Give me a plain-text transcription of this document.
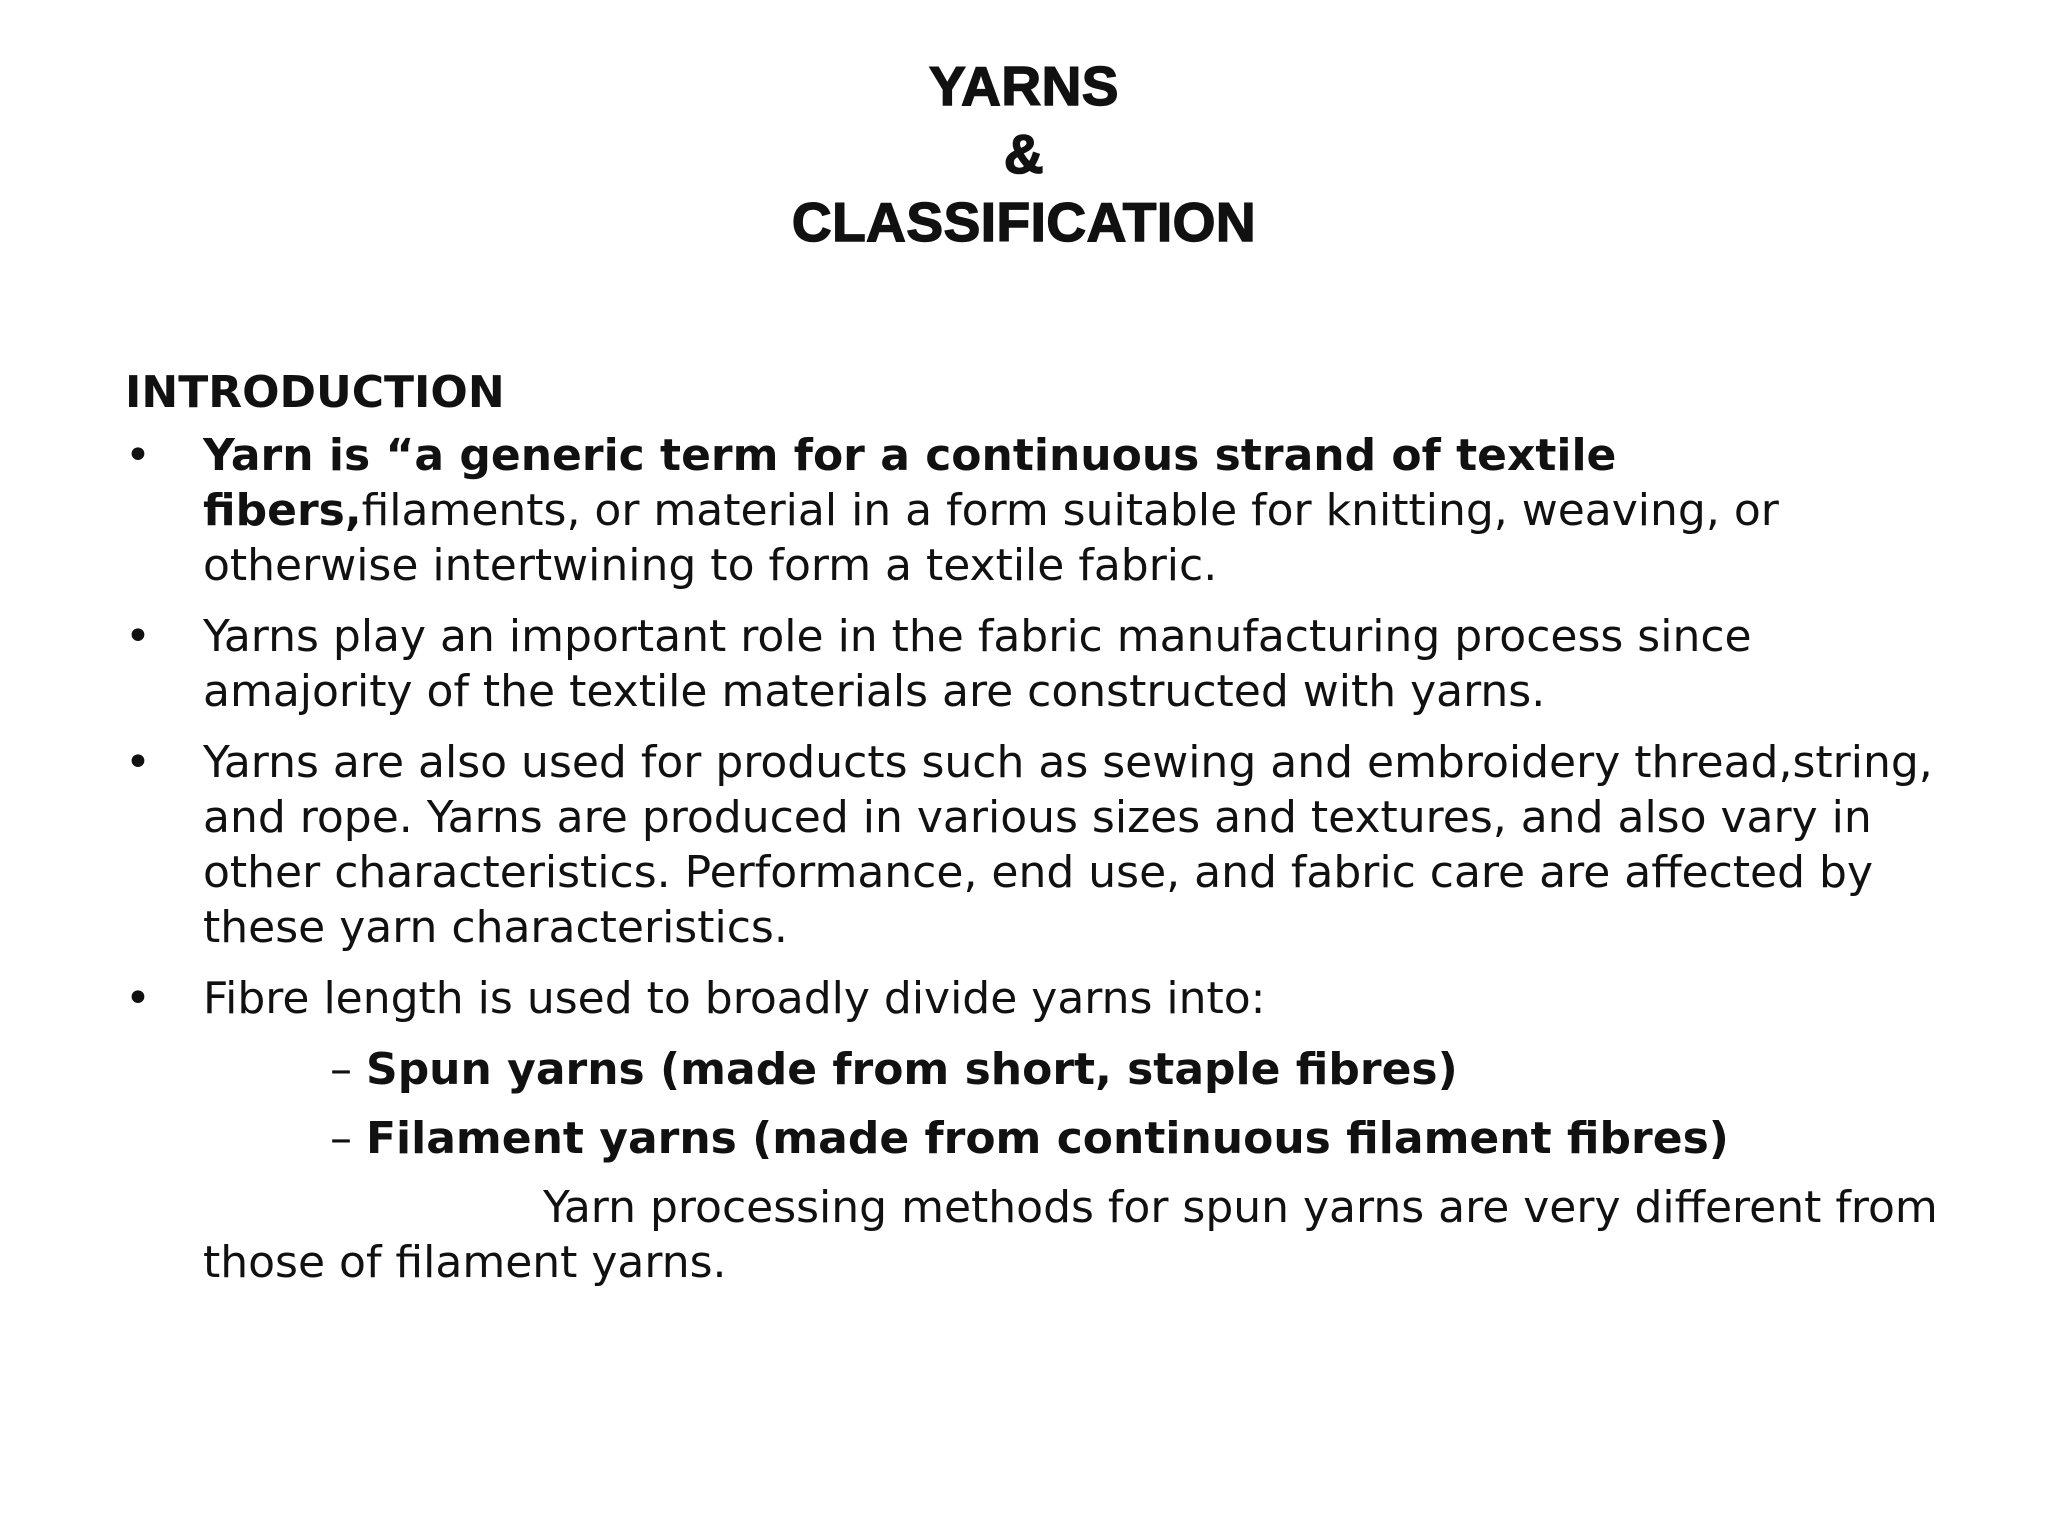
YARNS
&
CLASSIFICATION
INTRODUCTION
•	Yarn is “a generic term for a continuous strand of textile fibers,filaments, or material in a form suitable for knitting, weaving, or otherwise intertwining to form a textile fabric.
•	Yarns play an important role in the fabric manufacturing process since amajority of the textile materials are constructed with yarns.
•	Yarns are also used for products such as sewing and embroidery thread,string, and rope. Yarns are produced in various sizes and textures, and also vary in other characteristics. Performance, end use, and fabric care are affected by these yarn characteristics.
•	Fibre length is used to broadly divide yarns into:
– Spun yarns (made from short, staple fibres)
– Filament yarns (made from continuous filament fibres)
Yarn processing methods for spun yarns are very different from those of filament yarns.
